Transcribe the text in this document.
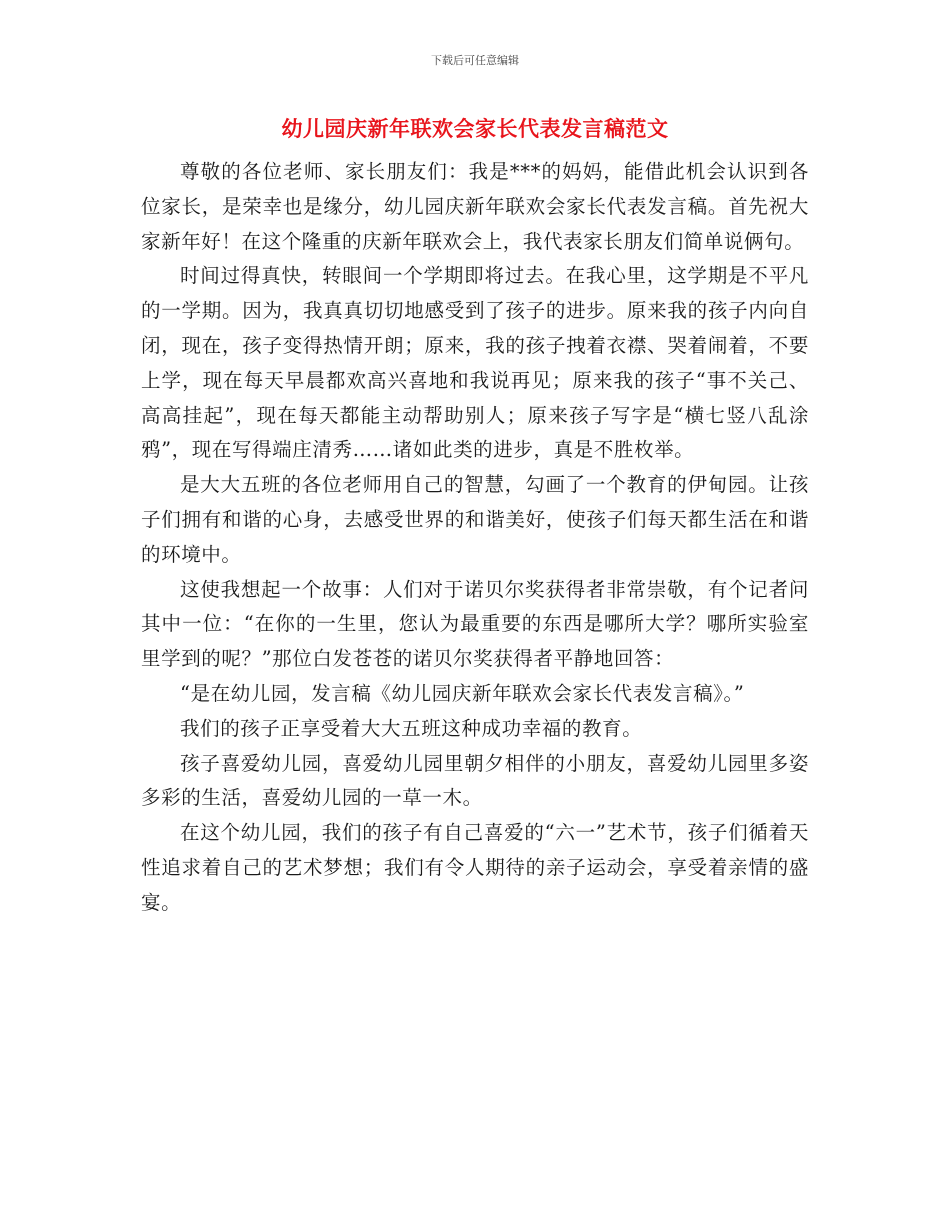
下载后可任意编辑
幼儿园庆新年联欢会家长代表发言稿范文

尊敬的各位老师、家长朋友们：我是***的妈妈，能借此机会认识到各位家长，是荣幸也是缘分，幼儿园庆新年联欢会家长代表发言稿。首先祝大家新年好！在这个隆重的庆新年联欢会上，我代表家长朋友们简单说俩句。

时间过得真快，转眼间一个学期即将过去。在我心里，这学期是不平凡的一学期。因为，我真真切切地感受到了孩子的进步。原来我的孩子内向自闭，现在，孩子变得热情开朗；原来，我的孩子拽着衣襟、哭着闹着，不要上学，现在每天早晨都欢高兴喜地和我说再见；原来我的孩子“事不关己、高高挂起”，现在每天都能主动帮助别人；原来孩子写字是“横七竖八乱涂鸦”，现在写得端庄清秀……诸如此类的进步，真是不胜枚举。

是大大五班的各位老师用自己的智慧，勾画了一个教育的伊甸园。让孩子们拥有和谐的心身，去感受世界的和谐美好，使孩子们每天都生活在和谐的环境中。

这使我想起一个故事：人们对于诺贝尔奖获得者非常崇敬，有个记者问其中一位：“在你的一生里，您认为最重要的东西是哪所大学？哪所实验室里学到的呢？”那位白发苍苍的诺贝尔奖获得者平静地回答：

“是在幼儿园，发言稿《幼儿园庆新年联欢会家长代表发言稿》。”

我们的孩子正享受着大大五班这种成功幸福的教育。

孩子喜爱幼儿园，喜爱幼儿园里朝夕相伴的小朋友，喜爱幼儿园里多姿多彩的生活，喜爱幼儿园的一草一木。

在这个幼儿园，我们的孩子有自己喜爱的“六一”艺术节，孩子们循着天性追求着自己的艺术梦想；我们有令人期待的亲子运动会，享受着亲情的盛宴。
